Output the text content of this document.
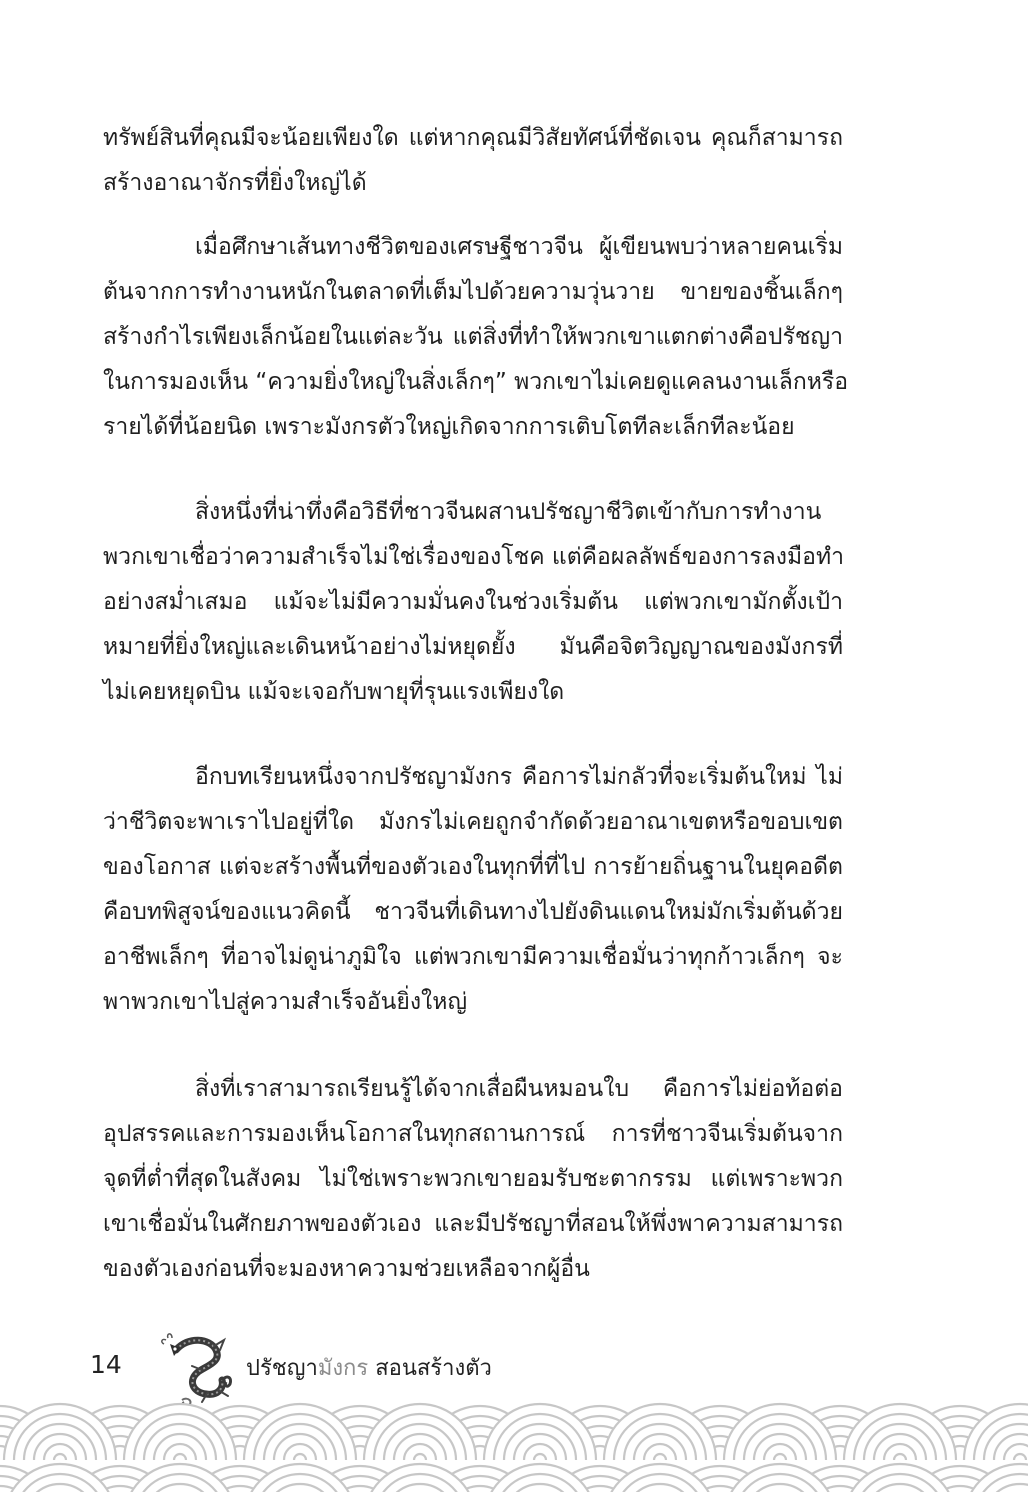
ทรัพย์สินที่คุณมีจะน้อยเพียงใด แต่หากคุณมีวิสัยทัศน์ที่ชัดเจน คุณก็สามารถ
สร้างอาณาจักรที่ยิ่งใหญ่ได้
เมื่อศึกษาเส้นทางชีวิตของเศรษฐีชาวจีน ผู้เขียนพบว่าหลายคนเริ่ม
ต้นจากการทำงานหนักในตลาดที่เต็มไปด้วยความวุ่นวาย ขายของชิ้นเล็กๆ
สร้างกำไรเพียงเล็กน้อยในแต่ละวัน แต่สิ่งที่ทำให้พวกเขาแตกต่างคือปรัชญา
ในการมองเห็น “ความยิ่งใหญ่ในสิ่งเล็กๆ” พวกเขาไม่เคยดูแคลนงานเล็กหรือ
รายได้ที่น้อยนิด เพราะมังกรตัวใหญ่เกิดจากการเติบโตทีละเล็กทีละน้อย
สิ่งหนึ่งที่น่าทึ่งคือวิธีที่ชาวจีนผสานปรัชญาชีวิตเข้ากับการทำงาน
พวกเขาเชื่อว่าความสำเร็จไม่ใช่เรื่องของโชค แต่คือผลลัพธ์ของการลงมือทำ
อย่างสม่ำเสมอ แม้จะไม่มีความมั่นคงในช่วงเริ่มต้น แต่พวกเขามักตั้งเป้า
หมายที่ยิ่งใหญ่และเดินหน้าอย่างไม่หยุดยั้ง มันคือจิตวิญญาณของมังกรที่
ไม่เคยหยุดบิน แม้จะเจอกับพายุที่รุนแรงเพียงใด
อีกบทเรียนหนึ่งจากปรัชญามังกร คือการไม่กลัวที่จะเริ่มต้นใหม่ ไม่
ว่าชีวิตจะพาเราไปอยู่ที่ใด มังกรไม่เคยถูกจำกัดด้วยอาณาเขตหรือขอบเขต
ของโอกาส แต่จะสร้างพื้นที่ของตัวเองในทุกที่ที่ไป การย้ายถิ่นฐานในยุคอดีต
คือบทพิสูจน์ของแนวคิดนี้ ชาวจีนที่เดินทางไปยังดินแดนใหม่มักเริ่มต้นด้วย
อาชีพเล็กๆ ที่อาจไม่ดูน่าภูมิใจ แต่พวกเขามีความเชื่อมั่นว่าทุกก้าวเล็กๆ จะ
พาพวกเขาไปสู่ความสำเร็จอันยิ่งใหญ่
สิ่งที่เราสามารถเรียนรู้ได้จากเสื่อผืนหมอนใบ คือการไม่ย่อท้อต่อ
อุปสรรคและการมองเห็นโอกาสในทุกสถานการณ์ การที่ชาวจีนเริ่มต้นจาก
จุดที่ต่ำที่สุดในสังคม ไม่ใช่เพราะพวกเขายอมรับชะตากรรม แต่เพราะพวก
เขาเชื่อมั่นในศักยภาพของตัวเอง และมีปรัชญาที่สอนให้พึ่งพาความสามารถ
ของตัวเองก่อนที่จะมองหาความช่วยเหลือจากผู้อื่น
14	ปรัชญามังกร สอนสร้างตัว
